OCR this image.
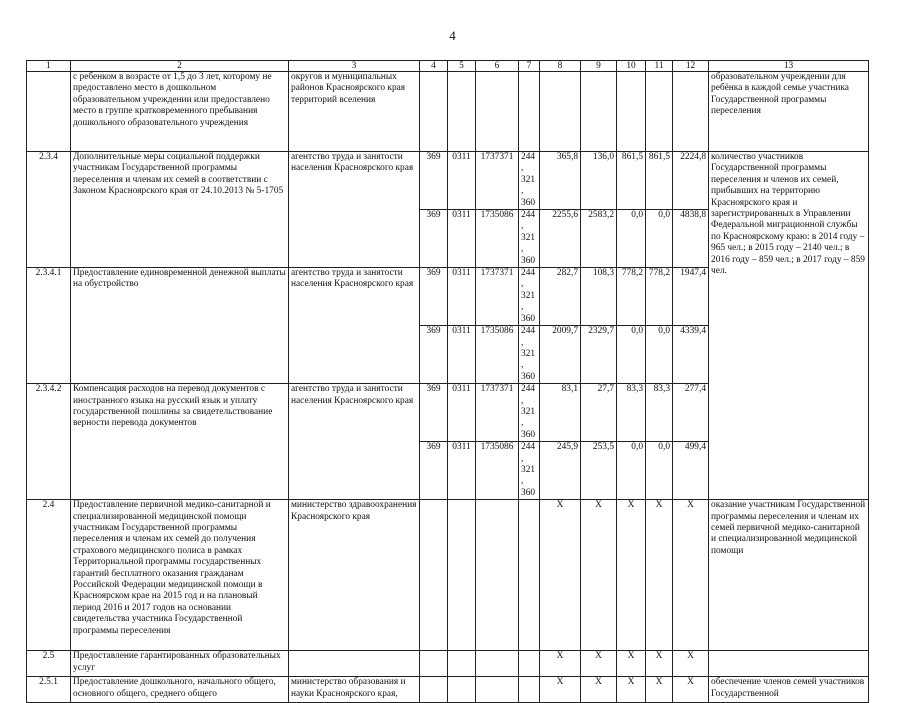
4
1	2	3	4	5	6	7	8	9	10	11	12	13
	с ребенком в возрасте от 1,5 до 3 лет, которому не предоставлено место в дошкольном образовательном учреждении или предоставлено место в группе кратковременного пребывания дошкольного образовательного учреждения	округов и муниципальных районов Красноярского края территорий вселения										образовательном учреждении для ребёнка в каждой семье участника Государственной программы переселения
2.3.4	Дополнительные меры социальной поддержки участникам Государственной программы переселения и членам их семей в соответствии с Законом Красноярского края от 24.10.2013 № 5-1705	агентство труда и занятости населения Красноярского края	369	0311	1737371	244, 321, 360	365,8	136,0	861,5	861,5	2224,8	количество участников Государственной программы переселения и членов их семей, прибывших на территорию Красноярского края и зарегистрированных в Управлении Федеральной миграционной службы по Красноярскому краю: в 2014 году – 965 чел.; в 2015 году – 2140 чел.; в 2016 году – 859 чел.; в 2017 году – 859 чел.
			369	0311	1735086	244, 321, 360	2255,6	2583,2	0,0	0,0	4838,8	
2.3.4.1	Предоставление единовременной денежной выплаты на обустройство	агентство труда и занятости населения Красноярского края	369	0311	1737371	244, 321, 360	282,7	108,3	778,2	778,2	1947,4	
			369	0311	1735086	244, 321, 360	2009,7	2329,7	0,0	0,0	4339,4	
2.3.4.2	Компенсация расходов на перевод документов с иностранного языка на русский язык и уплату государственной пошлины за свидетельствование верности перевода документов	агентство труда и занятости населения Красноярского края	369	0311	1737371	244, 321, 360	83,1	27,7	83,3	83,3	277,4	
			369	0311	1735086	244, 321, 360	245,9	253,5	0,0	0,0	499,4	
2.4	Предоставление первичной медико-санитарной и специализированной медицинской помощи участникам Государственной программы переселения и членам их семей до получения страхового медицинского полиса в рамках Территориальной программы государственных гарантий бесплатного оказания гражданам Российской Федерации медицинской помощи в Красноярском крае на 2015 год и на плановый период 2016 и 2017 годов на основании свидетельства участника Государственной программы переселения	министерство здравоохранения Красноярского края					Х	Х	Х	Х	Х	оказание участникам Государственной программы переселения и членам их семей первичной медико-санитарной и специализированной медицинской помощи
2.5	Предоставление гарантированных образовательных услуг						Х	Х	Х	Х	Х	
2.5.1	Предоставление дошкольного, начального общего, основного общего, среднего общего	министерство образования и науки Красноярского края,					Х	Х	Х	Х	Х	обеспечение членов семей участников Государственной
